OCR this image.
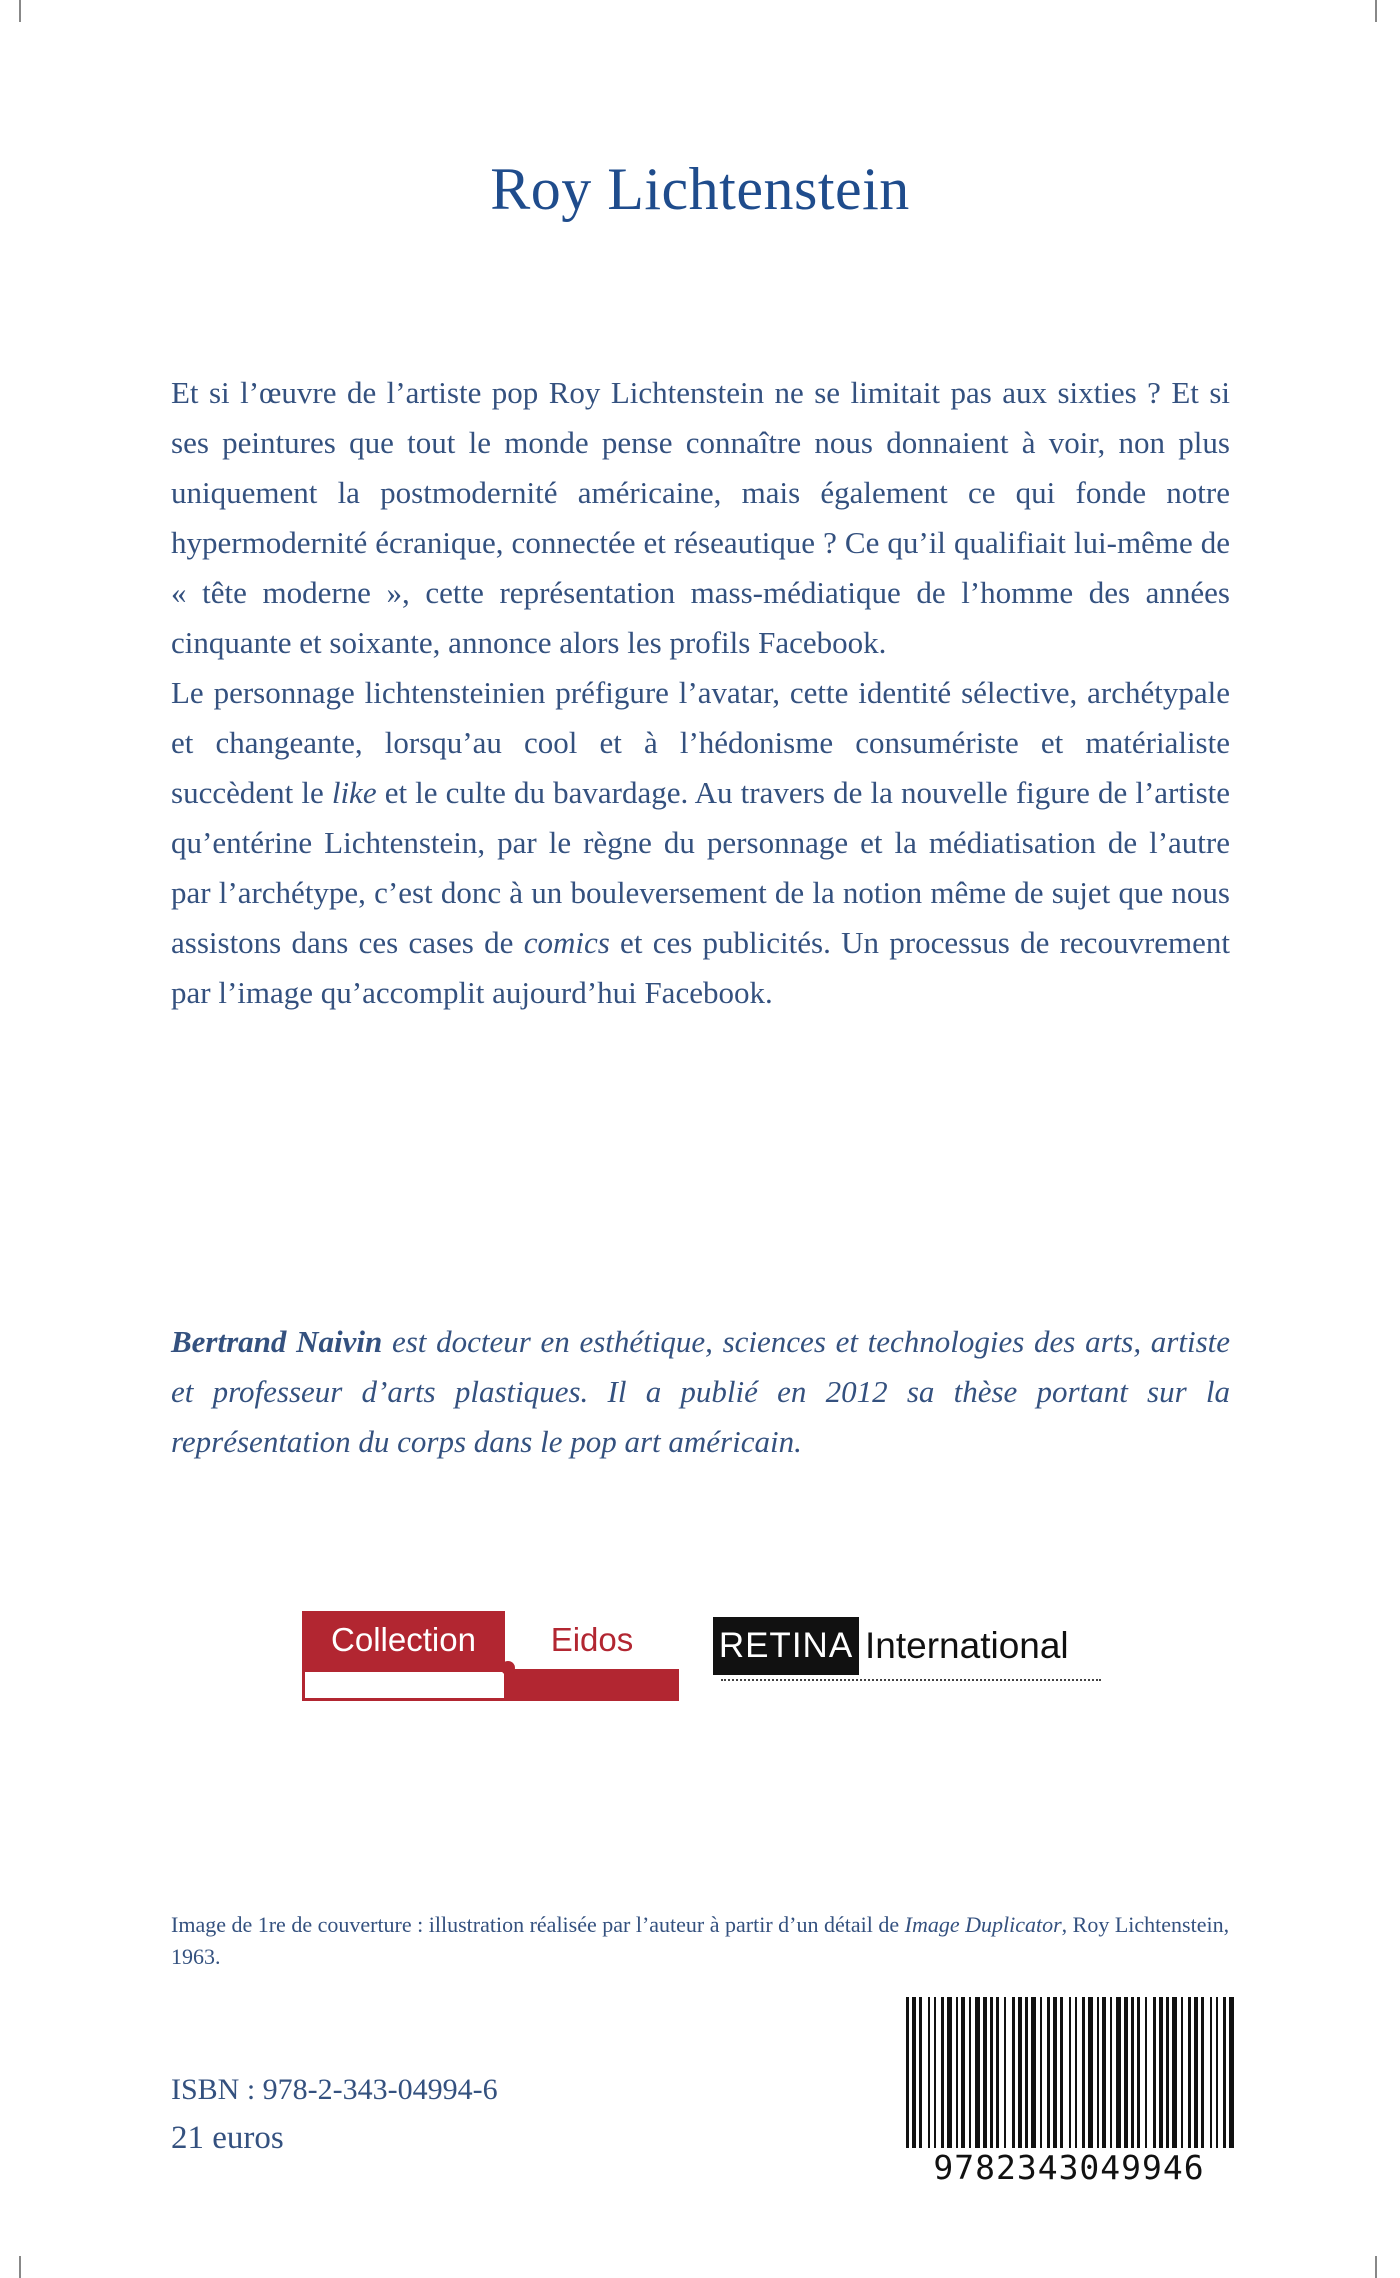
Roy Lichtenstein

Et si l’œuvre de l’artiste pop Roy Lichtenstein ne se limitait pas aux sixties ? Et si ses peintures que tout le monde pense connaître nous donnaient à voir, non plus uniquement la postmodernité américaine, mais également ce qui fonde notre hypermodernité écranique, connectée et réseautique ? Ce qu’il qualifiait lui-même de « tête moderne », cette représentation mass-médiatique de l’homme des années cinquante et soixante, annonce alors les profils Facebook.

Le personnage lichtensteinien préfigure l’avatar, cette identité sélective, archétypale et changeante, lorsqu’au cool et à l’hédonisme consumériste et matérialiste succèdent le like et le culte du bavardage. Au travers de la nouvelle figure de l’artiste qu’entérine Lichtenstein, par le règne du personnage et la médiatisation de l’autre par l’archétype, c’est donc à un bouleversement de la notion même de sujet que nous assistons dans ces cases de comics et ces publicités. Un processus de recouvrement par l’image qu’accomplit aujourd’hui Facebook.

Bertrand Naivin est docteur en esthétique, sciences et technologies des arts, artiste et professeur d’arts plastiques. Il a publié en 2012 sa thèse portant sur la représentation du corps dans le pop art américain.
Collection	Eidos	RETINA International
Image de 1re de couverture : illustration réalisée par l’auteur à partir d’un détail de Image Duplicator, Roy Lichtenstein, 1963.
ISBN : 978-2-343-04994-6
21 euros
9782343049946
